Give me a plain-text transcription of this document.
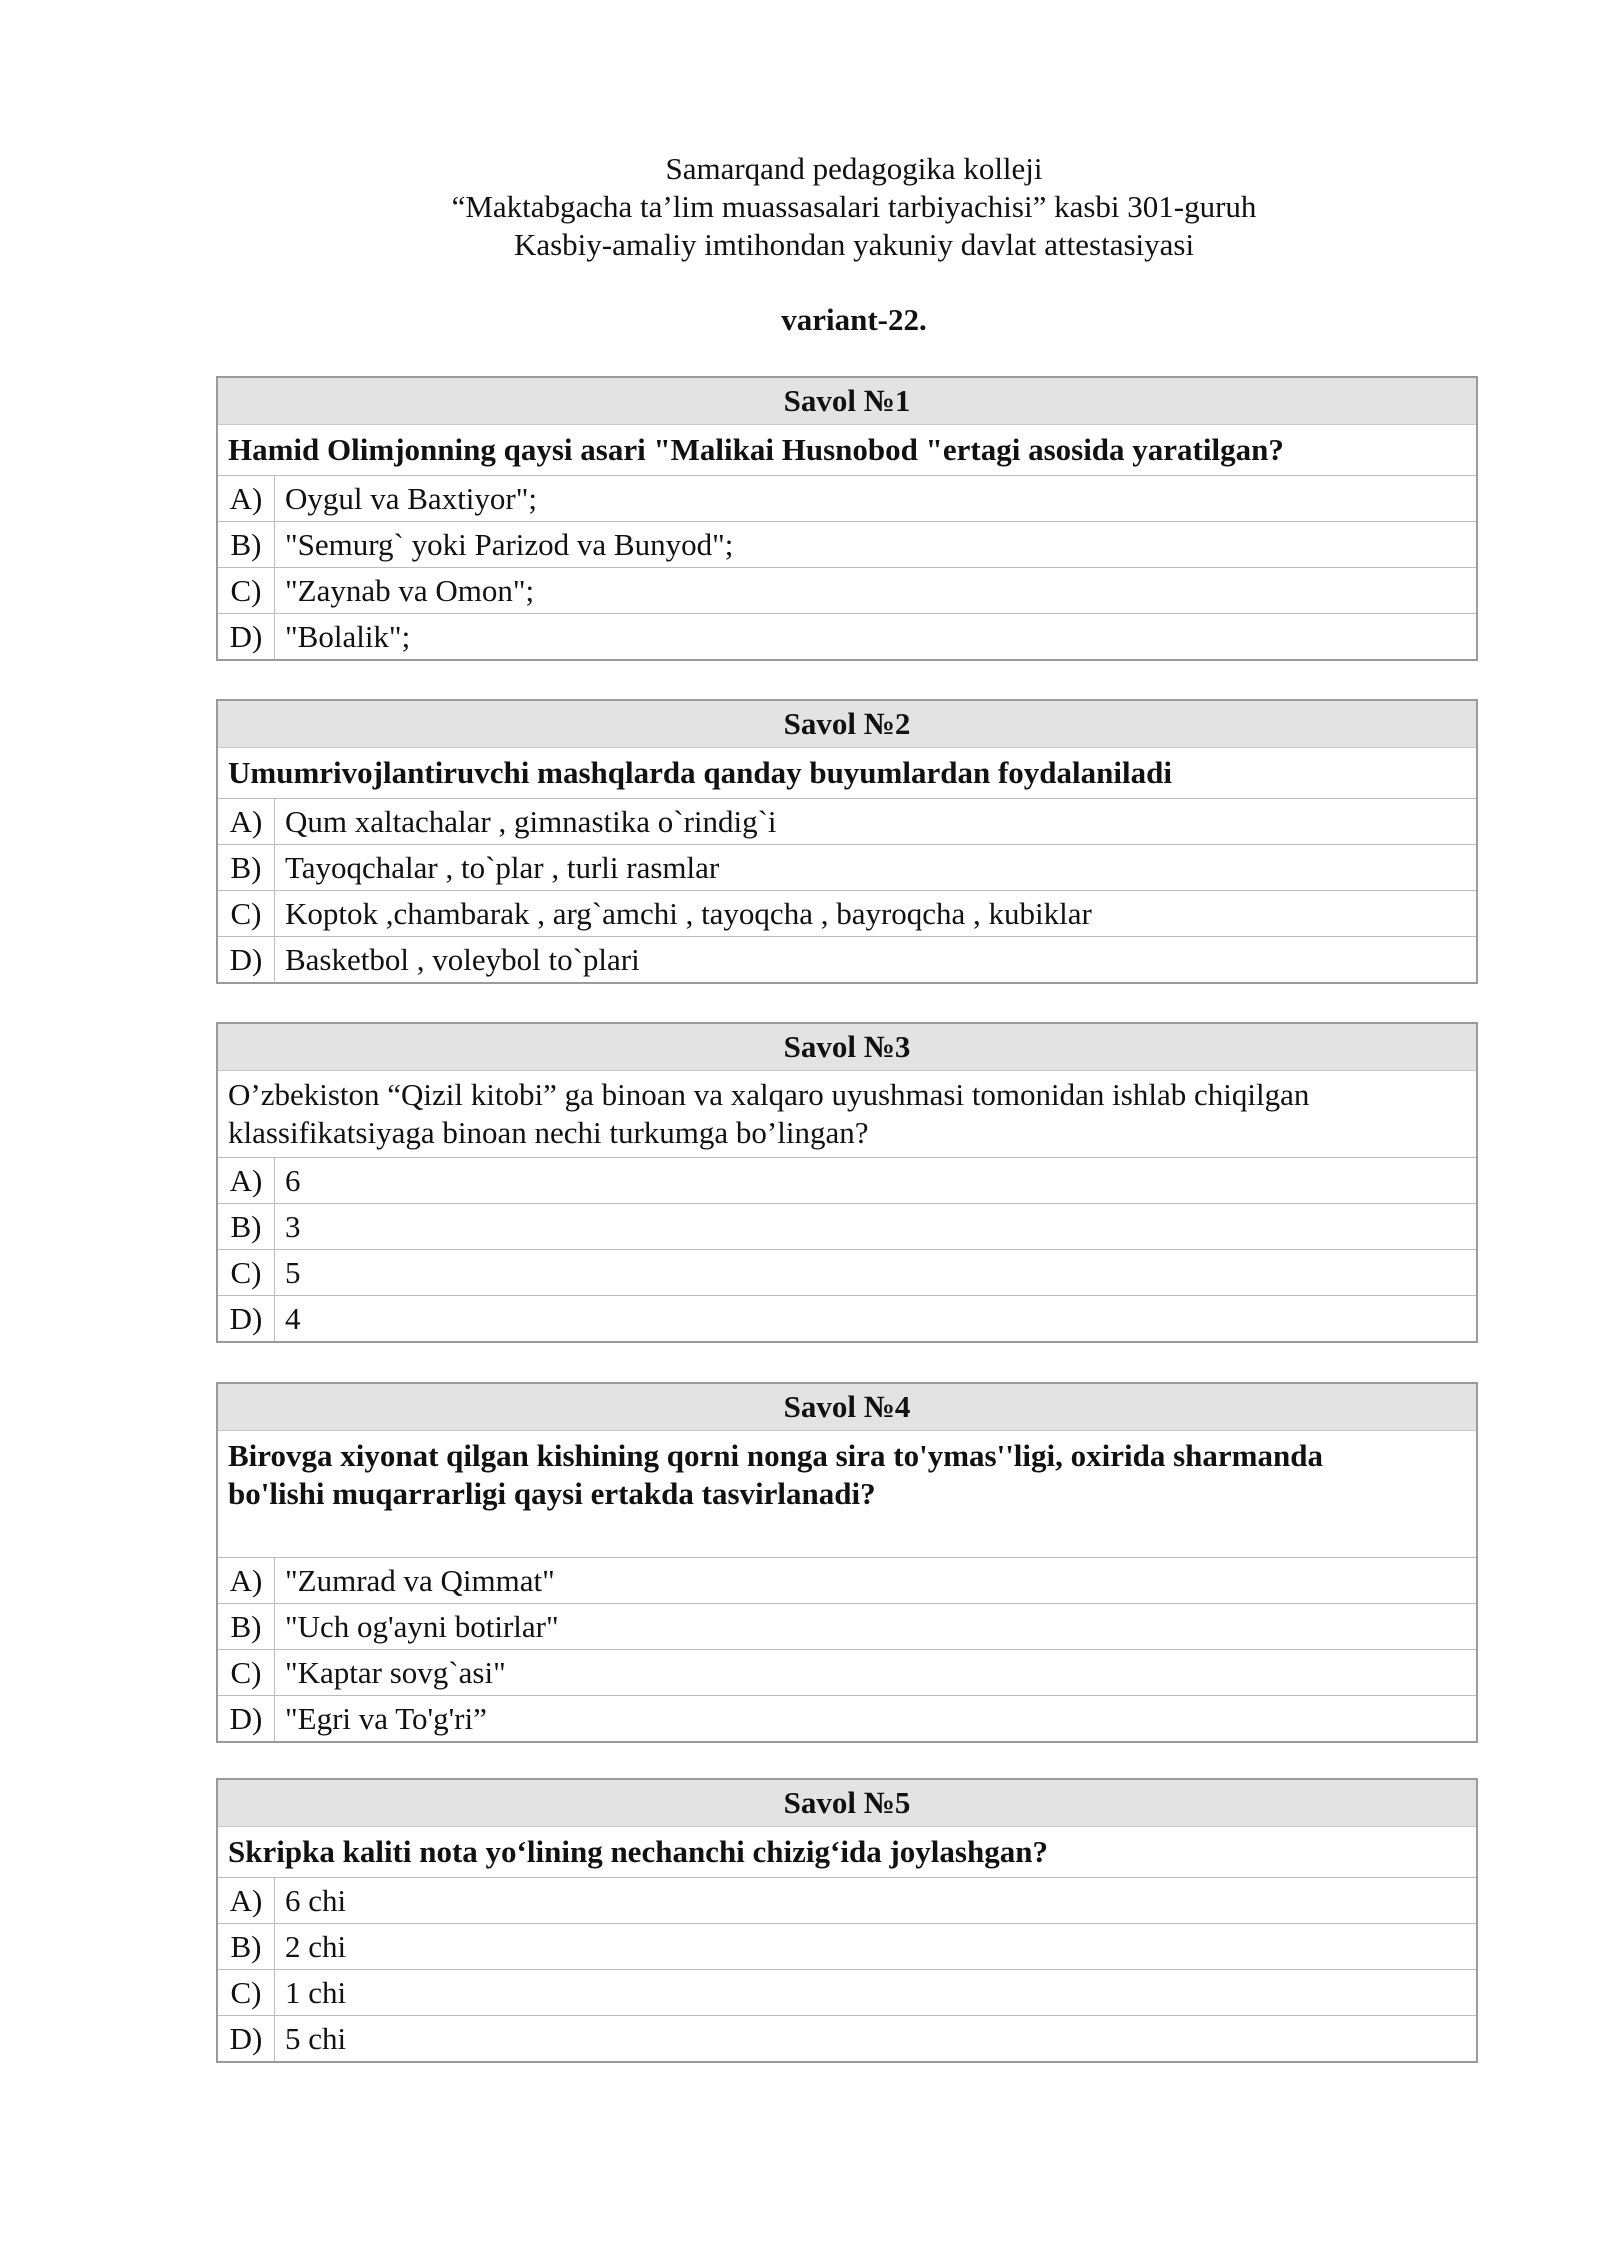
Samarqand pedagogika kolleji
“Maktabgacha ta’lim muassasalari tarbiyachisi” kasbi 301-guruh
Kasbiy-amaliy imtihondan yakuniy davlat attestasiyasi
variant-22.
Savol №1	
Hamid Olimjonning qaysi asari "Malikai Husnobod "ertagi asosida yaratilgan?	
A)	Oygul va Baxtiyor";
B)	"Semurg` yoki Parizod va Bunyod";
C)	"Zaynab va Omon";
D)	"Bolalik";
Savol №2	
Umumrivojlantiruvchi mashqlarda qanday buyumlardan foydalaniladi	
A)	Qum xaltachalar , gimnastika o`rindig`i
B)	Tayoqchalar , to`plar , turli rasmlar
C)	Koptok ,chambarak , arg`amchi , tayoqcha , bayroqcha , kubiklar
D)	Basketbol , voleybol to`plari
Savol №3	
O’zbekiston “Qizil kitobi” ga binoan va xalqaro uyushmasi tomonidan ishlab chiqilgan
klassifikatsiyaga binoan nechi turkumga bo’lingan?	
A)	6
B)	3
C)	5
D)	4
Savol №4	
Birovga xiyonat qilgan kishining qorni nonga sira to'ymas''ligi, oxirida sharmanda
bo'lishi muqarrarligi qaysi ertakda tasvirlanadi?	
A)	"Zumrad va Qimmat"
B)	"Uch og'ayni botirlar"
C)	"Kaptar sovg`asi"
D)	"Egri va To'g'ri”
Savol №5	
Skripka kaliti nota yo‘lining nechanchi chizig‘ida joylashgan?	
A)	6 chi
B)	2 chi
C)	1 chi
D)	5 chi
